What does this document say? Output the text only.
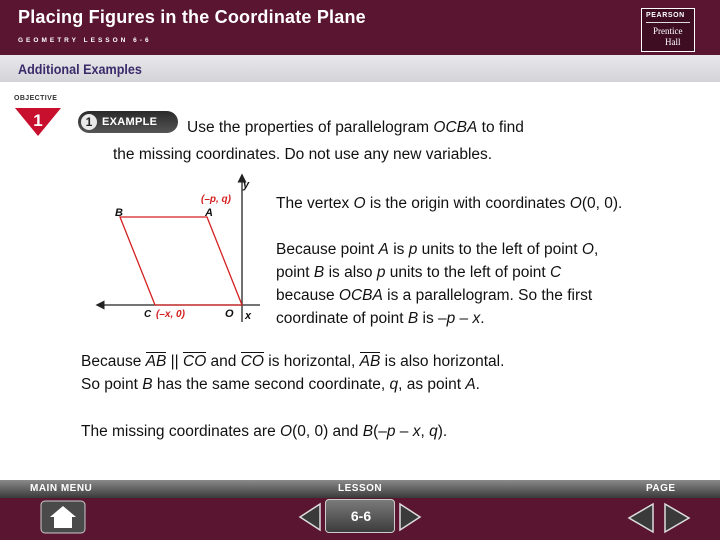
Placing Figures in the Coordinate Plane
GEOMETRY LESSON 6-6
PEARSON
Prentice
Hall
Additional Examples
OBJECTIVE
1	1 EXAMPLE Use the properties of parallelogram OCBA to find
the missing coordinates. Do not use any new variables.
y
x
B	A
(–p, q)
C (–x, 0)	O
The vertex O is the origin with coordinates O(0, 0).
Because point A is p units to the left of point O,
point B is also p units to the left of point C
because OCBA is a parallelogram. So the first
coordinate of point B is –p – x.
Because AB || CO and CO is horizontal, AB is also horizontal.
So point B has the same second coordinate, q, as point A.
The missing coordinates are O(0, 0) and B(–p – x, q).
MAIN MENU	LESSON	PAGE
6-6
